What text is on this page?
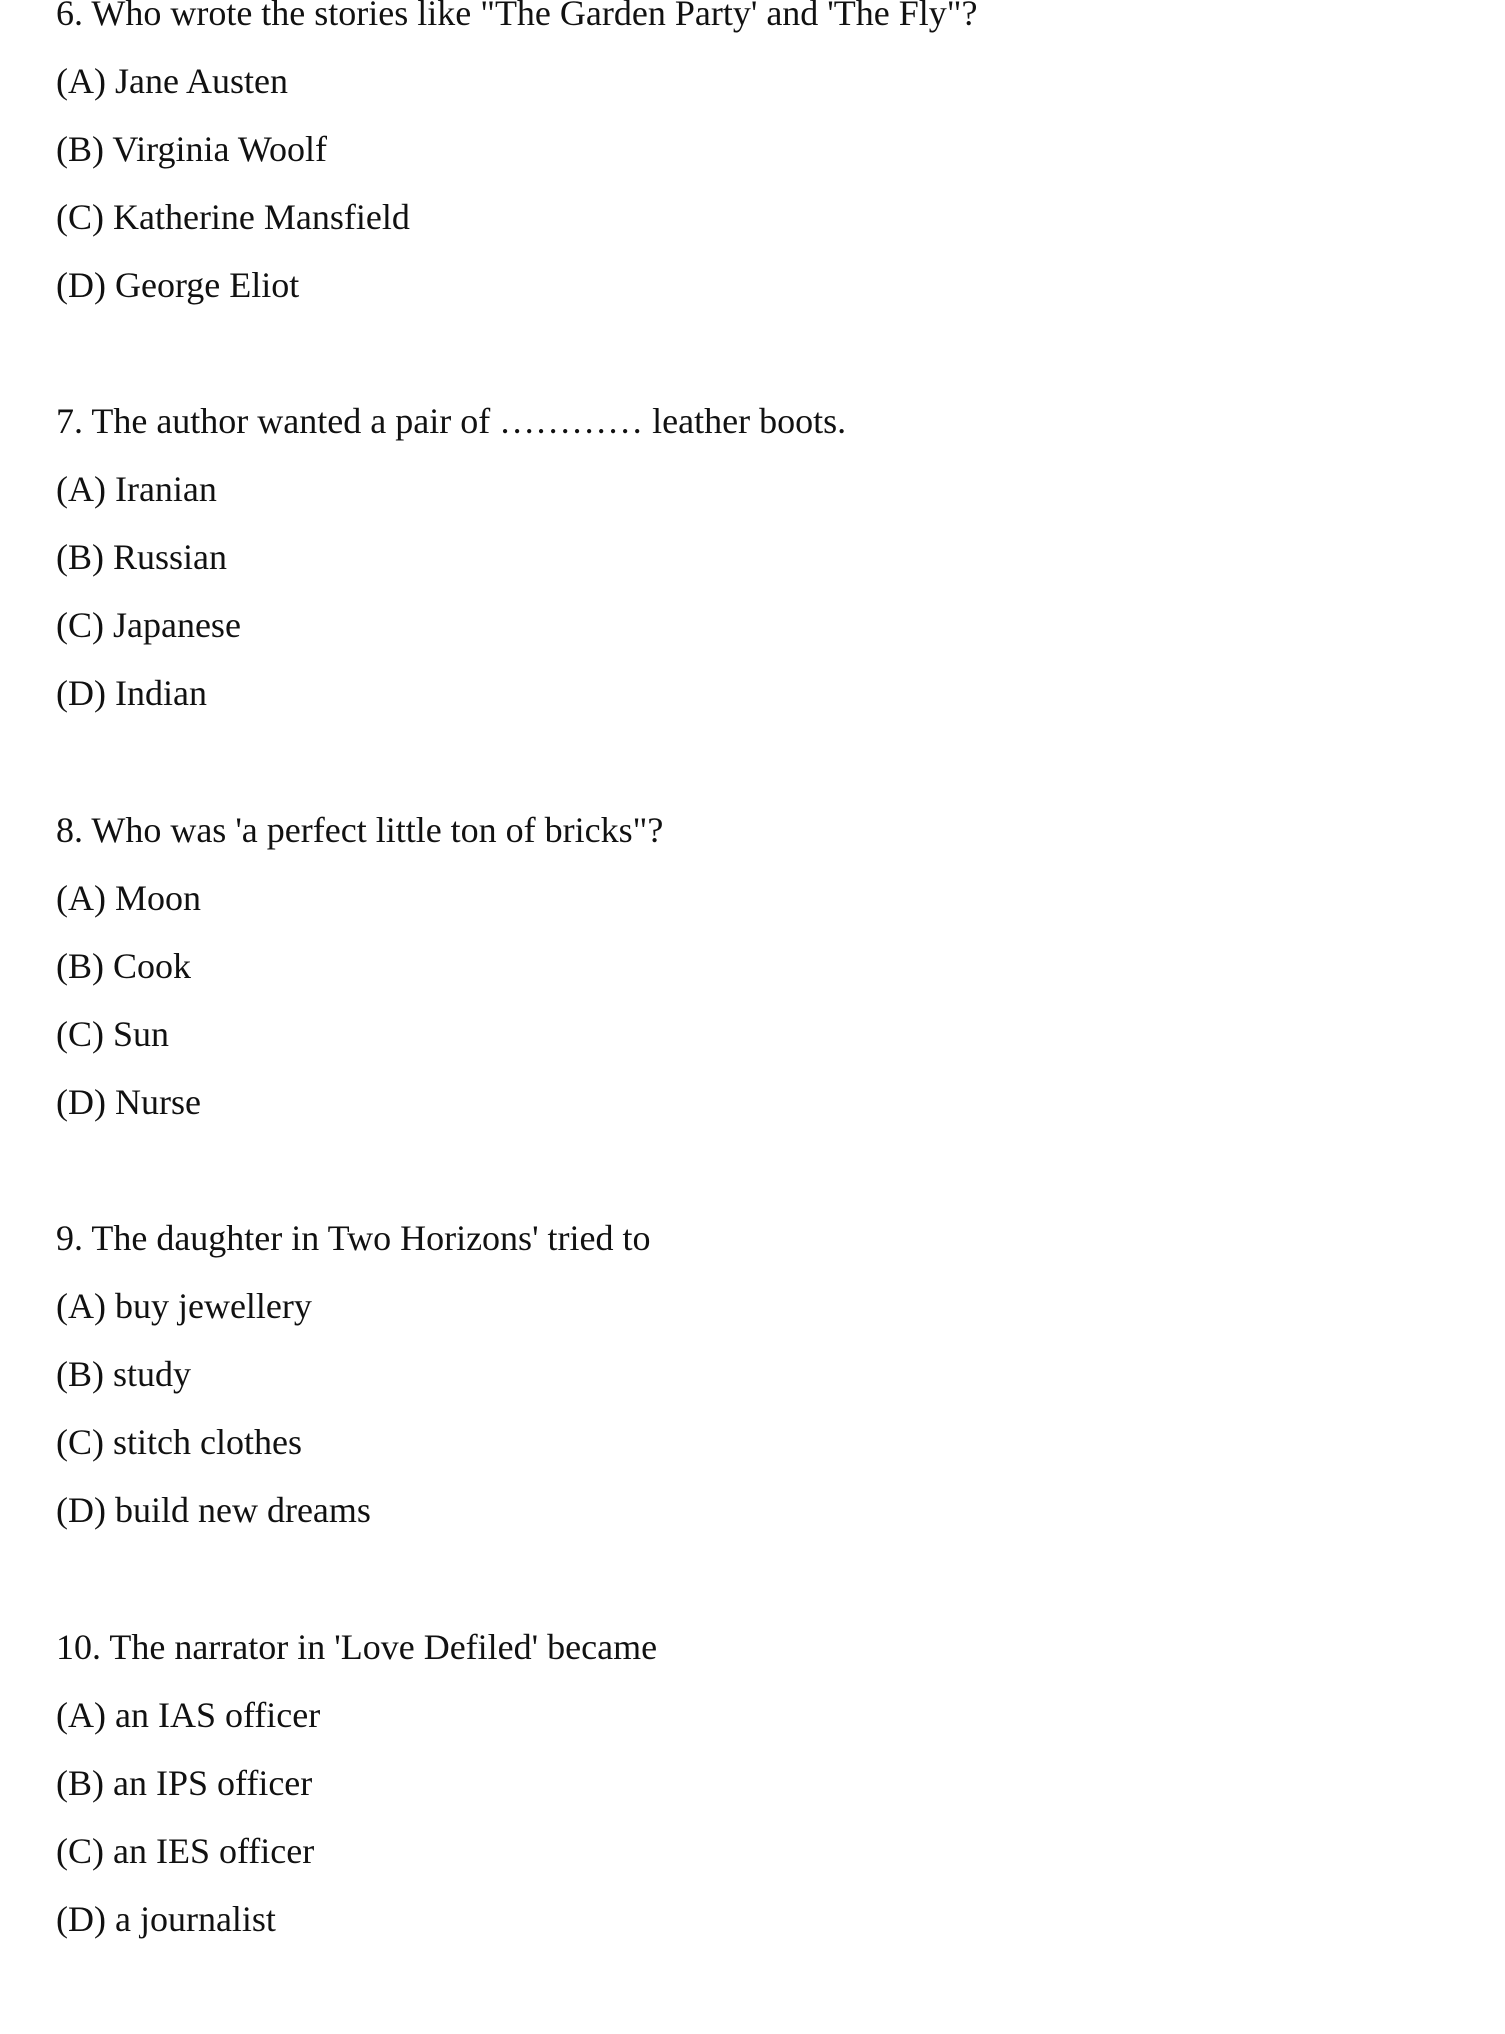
6. Who wrote the stories like "The Garden Party' and 'The Fly"?
(A) Jane Austen
(B) Virginia Woolf
(C) Katherine Mansfield
(D) George Eliot
7. The author wanted a pair of ………… leather boots.
(A) Iranian
(B) Russian
(C) Japanese
(D) Indian
8. Who was 'a perfect little ton of bricks"?
(A) Moon
(B) Cook
(C) Sun
(D) Nurse
9. The daughter in Two Horizons' tried to
(A) buy jewellery
(B) study
(C) stitch clothes
(D) build new dreams
10. The narrator in 'Love Defiled' became
(A) an IAS officer
(B) an IPS officer
(C) an IES officer
(D) a journalist
